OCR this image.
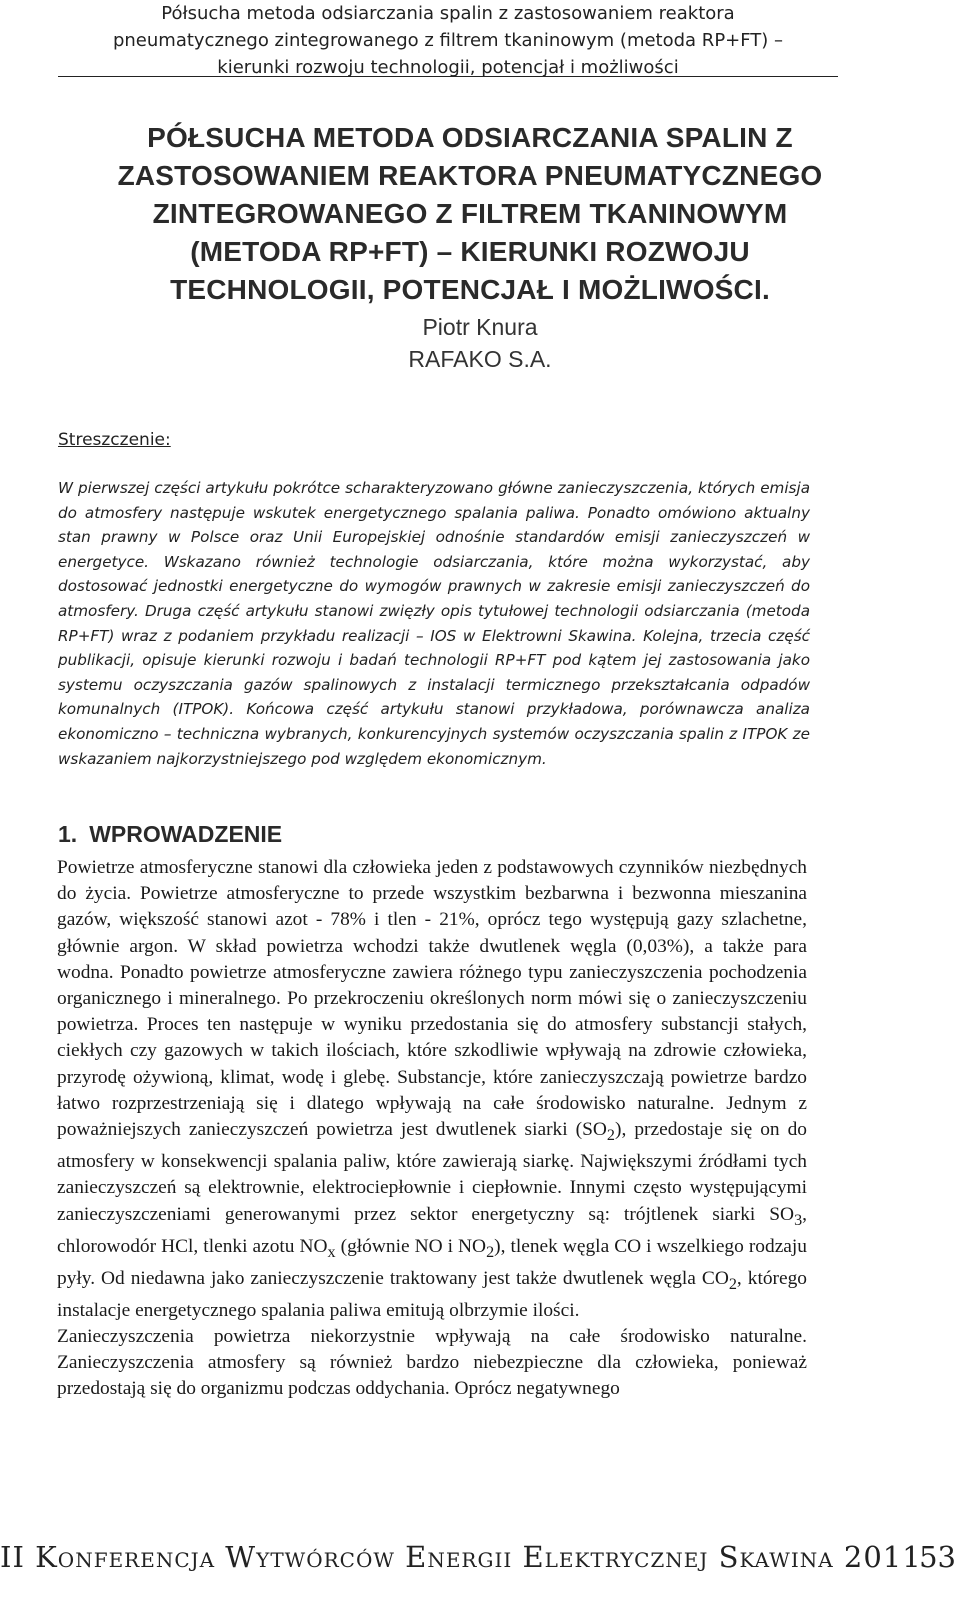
Półsucha metoda odsiarczania spalin z zastosowaniem reaktora
pneumatycznego zintegrowanego z filtrem tkaninowym (metoda RP+FT) –
kierunki rozwoju technologii, potencjał i możliwości
PÓŁSUCHA METODA ODSIARCZANIA SPALIN Z
ZASTOSOWANIEM REAKTORA PNEUMATYCZNEGO
ZINTEGROWANEGO Z FILTREM TKANINOWYM
(METODA RP+FT) – KIERUNKI ROZWOJU
TECHNOLOGII, POTENCJAŁ I MOŻLIWOŚCI.
Piotr Knura
RAFAKO S.A.
Streszczenie:

W pierwszej części artykułu pokrótce scharakteryzowano główne zanieczyszczenia, których emisja do atmosfery następuje wskutek energetycznego spalania paliwa. Ponadto omówiono aktualny stan prawny w Polsce oraz Unii Europejskiej odnośnie standardów emisji zanieczyszczeń w energetyce. Wskazano również technologie odsiarczania, które można wykorzystać, aby dostosować jednostki energetyczne do wymogów prawnych w zakresie emisji zanieczyszczeń do atmosfery. Druga część artykułu stanowi zwięzły opis tytułowej technologii odsiarczania (metoda RP+FT) wraz z podaniem przykładu realizacji – IOS w Elektrowni Skawina. Kolejna, trzecia część publikacji, opisuje kierunki rozwoju i badań technologii RP+FT pod kątem jej zastosowania jako systemu oczyszczania gazów spalinowych z instalacji termicznego przekształcania odpadów komunalnych (ITPOK). Końcowa część artykułu stanowi przykładowa, porównawcza analiza ekonomiczno – techniczna wybranych, konkurencyjnych systemów oczyszczania spalin z ITPOK ze wskazaniem najkorzystniejszego pod względem ekonomicznym.

1. WPROWADZENIE

Powietrze atmosferyczne stanowi dla człowieka jeden z podstawowych czynników niezbędnych do życia. Powietrze atmosferyczne to przede wszystkim bezbarwna i bezwonna mieszanina gazów, większość stanowi azot - 78% i tlen - 21%, oprócz tego występują gazy szlachetne, głównie argon. W skład powietrza wchodzi także dwutlenek węgla (0,03%), a także para wodna. Ponadto powietrze atmosferyczne zawiera różnego typu zanieczyszczenia pochodzenia organicznego i mineralnego. Po przekroczeniu określonych norm mówi się o zanieczyszczeniu powietrza. Proces ten następuje w wyniku przedostania się do atmosfery substancji stałych, ciekłych czy gazowych w takich ilościach, które szkodliwie wpływają na zdrowie człowieka, przyrodę ożywioną, klimat, wodę i glebę. Substancje, które zanieczyszczają powietrze bardzo łatwo rozprzestrzeniają się i dlatego wpływają na całe środowisko naturalne. Jednym z poważniejszych zanieczyszczeń powietrza jest dwutlenek siarki $(SO_2)$, przedostaje się on do atmosfery w konsekwencji spalania paliw, które zawierają siarkę. Największymi źródłami tych zanieczyszczeń są elektrownie, elektrociepłownie i ciepłownie. Innymi często występującymi zanieczyszczeniami generowanymi przez sektor energetyczny są: trójtlenek siarki $SO_3$, chlorowodór HCl, tlenki azotu $NO_x$ (głównie NO i $NO_2$), tlenek węgla CO i wszelkiego rodzaju pyły. Od niedawna jako zanieczyszczenie traktowany jest także dwutlenek węgla $CO_2$, którego instalacje energetycznego spalania paliwa emitują olbrzymie ilości.

Zanieczyszczenia powietrza niekorzystnie wpływają na całe środowisko naturalne. Zanieczyszczenia atmosfery są również bardzo niebezpieczne dla człowieka, ponieważ przedostają się do organizmu podczas oddychania. Oprócz negatywnego

II Konferencja Wytwórców Energii Elektrycznej Skawina 2011
53
